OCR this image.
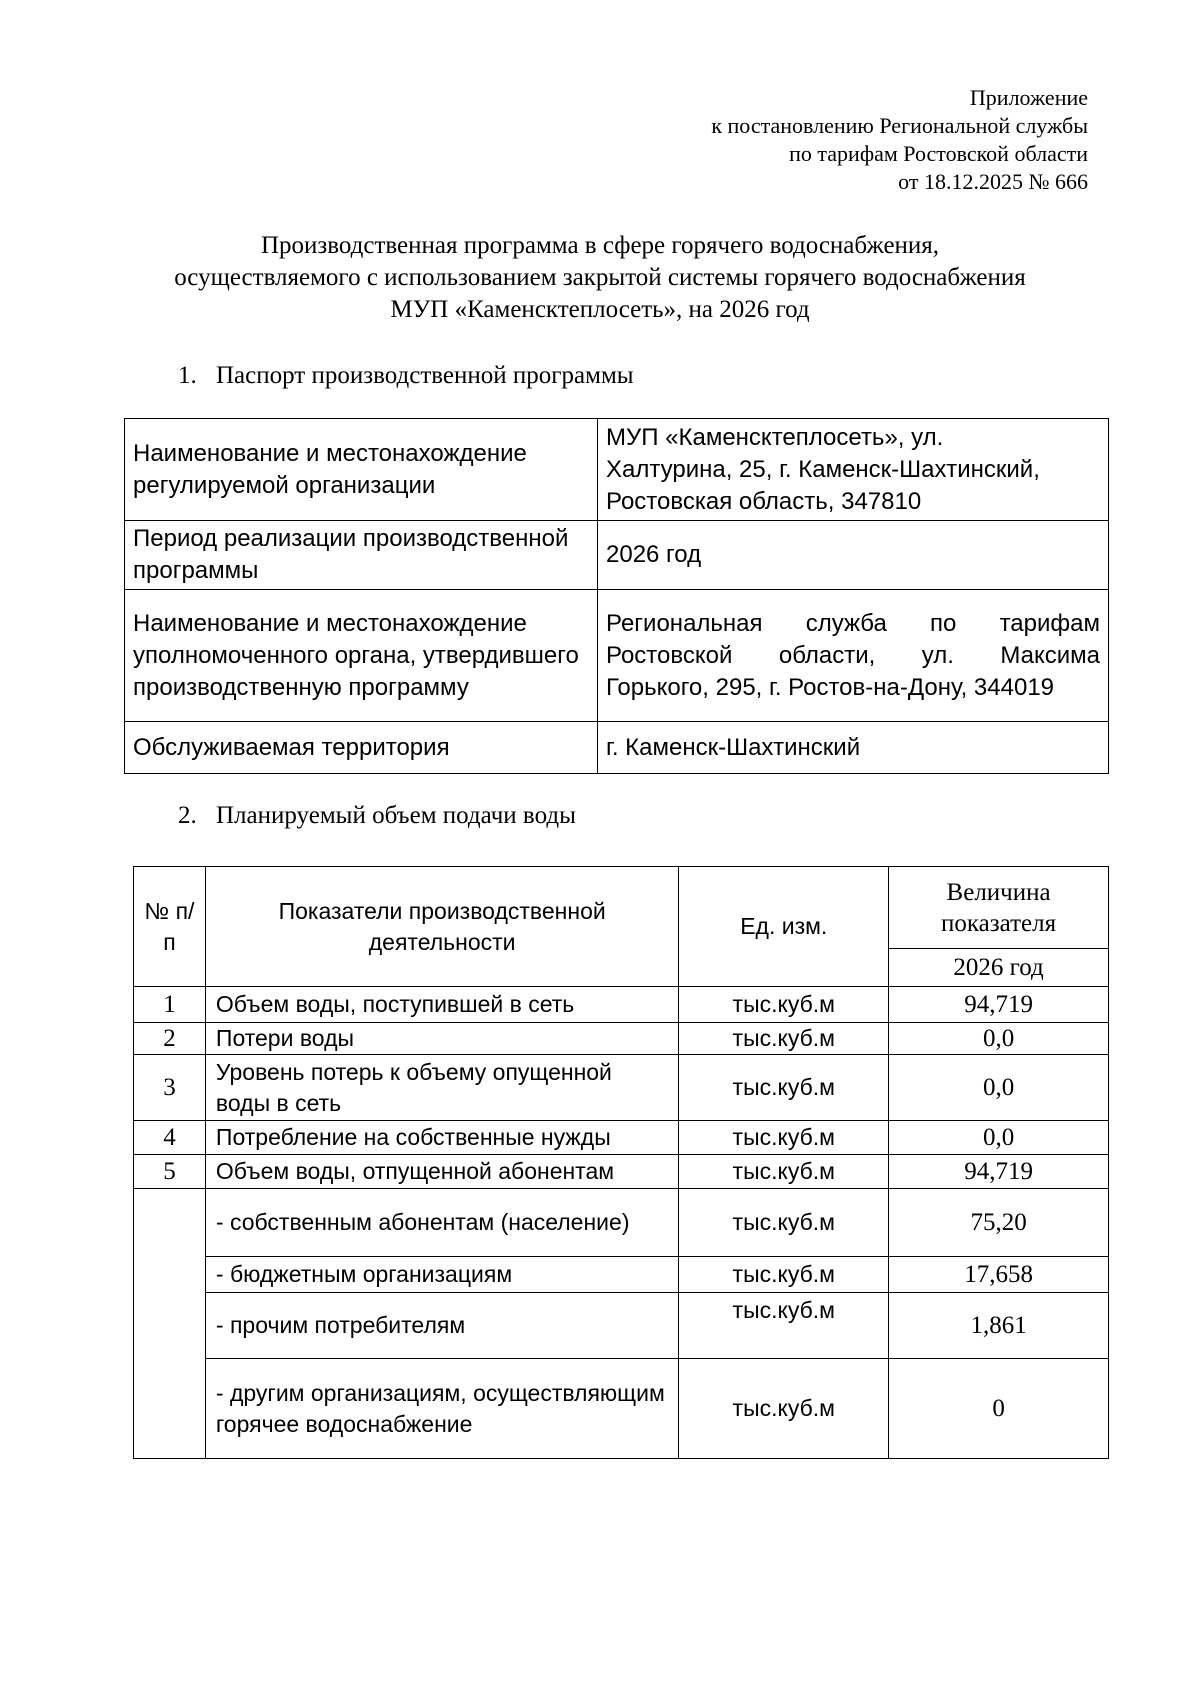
Приложение
к постановлению Региональной службы
по тарифам Ростовской области
от 18.12.2025 № 666
Производственная программа в сфере горячего водоснабжения,
осуществляемого с использованием закрытой системы горячего водоснабжения
МУП «Каменсктеплосеть», на 2026 год
1. Паспорт производственной программы
Наименование и местонахождение регулируемой организации	МУП «Каменсктеплосеть», ул.
Халтурина, 25, г. Каменск-Шахтинский,
Ростовская область, 347810

Период реализации производственной программы	2026 год

Наименование и местонахождение уполномоченного органа, утвердившего производственную программу	Региональная служба по тарифам
Ростовской области, ул. Максима
Горького, 295, г. Ростов-на-Дону, 344019

Обслуживаемая территория	г. Каменск-Шахтинский
2. Планируемый объем подачи воды
№ п/п	Показатели производственной деятельности	Ед. изм.	Величина показателя
			2026 год
1	Объем воды, поступившей в сеть	тыс.куб.м	94,719
2	Потери воды	тыс.куб.м	0,0
3	Уровень потерь к объему опущенной воды в сеть	тыс.куб.м	0,0
4	Потребление на собственные нужды	тыс.куб.м	0,0
5	Объем воды, отпущенной абонентам	тыс.куб.м	94,719
	- собственным абонентам (население)	тыс.куб.м	75,20
	- бюджетным организациям	тыс.куб.м	17,658
	- прочим потребителям	тыс.куб.м	1,861
	- другим организациям, осуществляющим горячее водоснабжение	тыс.куб.м	0
